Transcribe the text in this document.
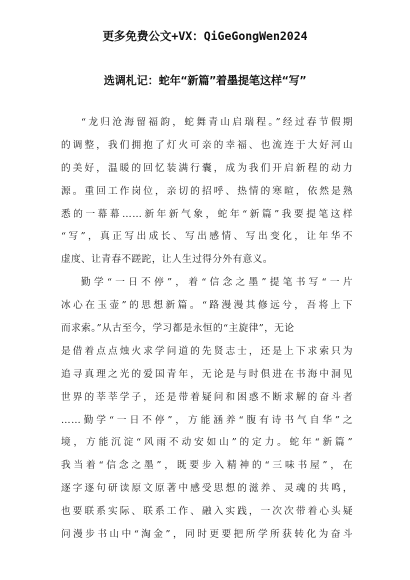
更多免费公文+VX：QiGeGongWen2024
选调札记：蛇年“新篇”着墨提笔这样“写”
“龙归沧海留福韵，蛇舞青山启瑞程。”经过春节假期
的调整，我们拥抱了灯火可亲的幸福、也流连于大好河山
的美好，温暖的回忆装满行囊，成为我们开启新程的动力
源。重回工作岗位，亲切的招呼、热情的寒暄，依然是熟
悉的一幕幕……新年新气象，蛇年“新篇”我要提笔这样
“写”，真正写出成长、写出感情、写出变化，让年华不
虚度、让青春不蹉跎，让人生过得分外有意义。
勤学“一日不停”，着“信念之墨”提笔书写“一片
冰心在玉壶”的思想新篇。“路漫漫其修远兮，吾将上下
而求索。”从古至今，学习都是永恒的“主旋律”，无论
是借着点点烛火求学问道的先贤志士，还是上下求索只为
追寻真理之光的爱国青年，无论是与时俱进在书海中洞见
世界的莘莘学子，还是带着疑问和困惑不断求解的奋斗者
……勤学“一日不停”，方能涵养“腹有诗书气自华”之
境，方能沉淀“风雨不动安如山”的定力。蛇年“新篇”
我当着“信念之墨”，既要步入精神的“三味书屋”，在
逐字逐句研读原文原著中感受思想的滋养、灵魂的共鸣，
也要联系实际、联系工作、融入实践，一次次带着心头疑
问漫步书山中“淘金”，同时更要把所学所获转化为奋斗
